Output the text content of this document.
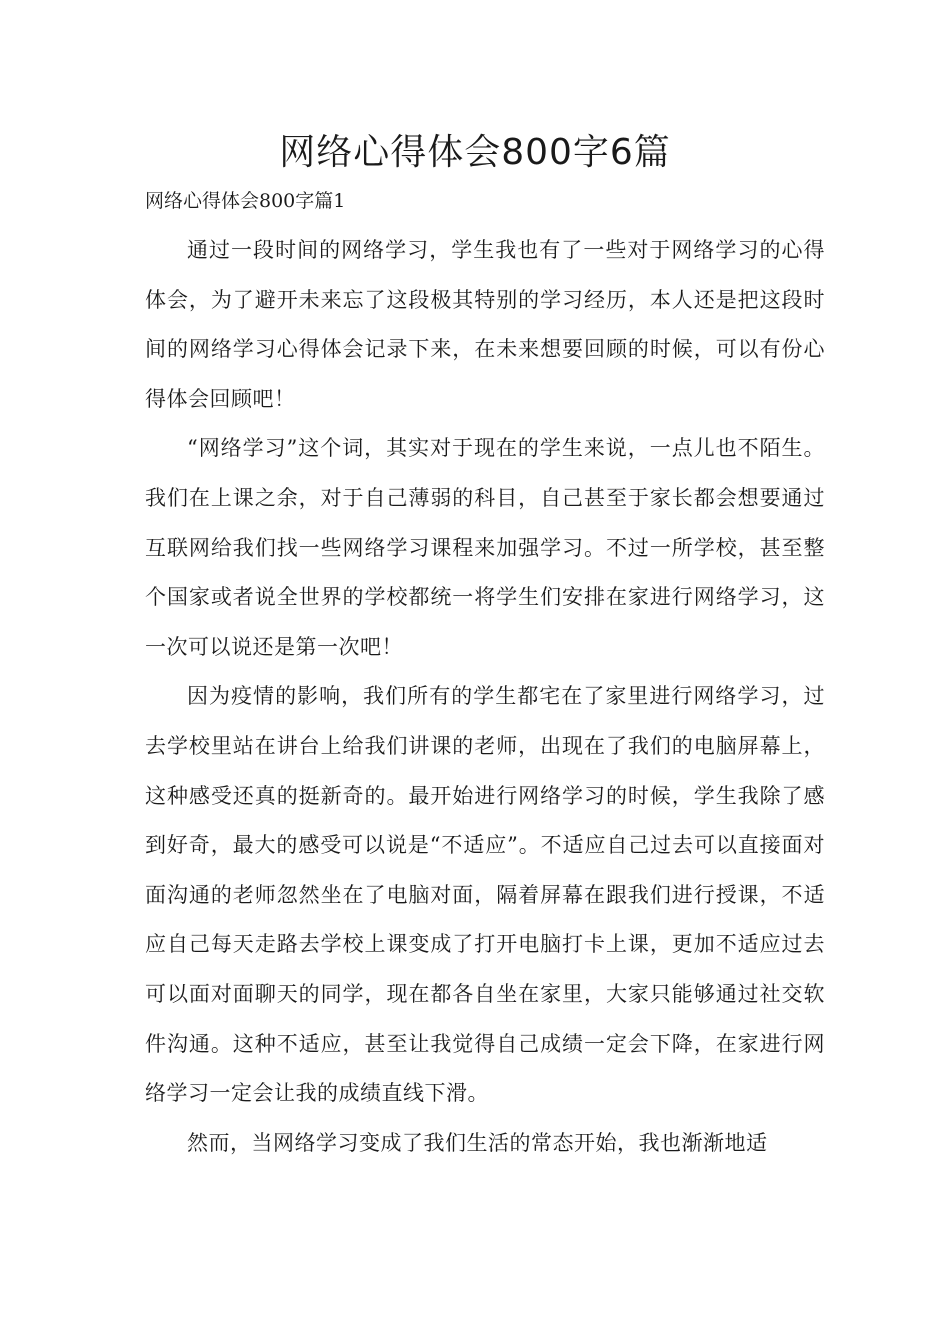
网络心得体会800字6篇
网络心得体会800字篇1

通过一段时间的网络学习，学生我也有了一些对于网络学习的心得体会，为了避开未来忘了这段极其特别的学习经历，本人还是把这段时间的网络学习心得体会记录下来，在未来想要回顾的时候，可以有份心得体会回顾吧！

“网络学习”这个词，其实对于现在的学生来说，一点儿也不陌生。我们在上课之余，对于自己薄弱的科目，自己甚至于家长都会想要通过互联网给我们找一些网络学习课程来加强学习。不过一所学校，甚至整个国家或者说全世界的学校都统一将学生们安排在家进行网络学习，这一次可以说还是第一次吧！

因为疫情的影响，我们所有的学生都宅在了家里进行网络学习，过去学校里站在讲台上给我们讲课的老师，出现在了我们的电脑屏幕上，这种感受还真的挺新奇的。最开始进行网络学习的时候，学生我除了感到好奇，最大的感受可以说是“不适应”。不适应自己过去可以直接面对面沟通的老师忽然坐在了电脑对面，隔着屏幕在跟我们进行授课，不适应自己每天走路去学校上课变成了打开电脑打卡上课，更加不适应过去可以面对面聊天的同学，现在都各自坐在家里，大家只能够通过社交软件沟通。这种不适应，甚至让我觉得自己成绩一定会下降，在家进行网络学习一定会让我的成绩直线下滑。

然而，当网络学习变成了我们生活的常态开始，我也渐渐地适
